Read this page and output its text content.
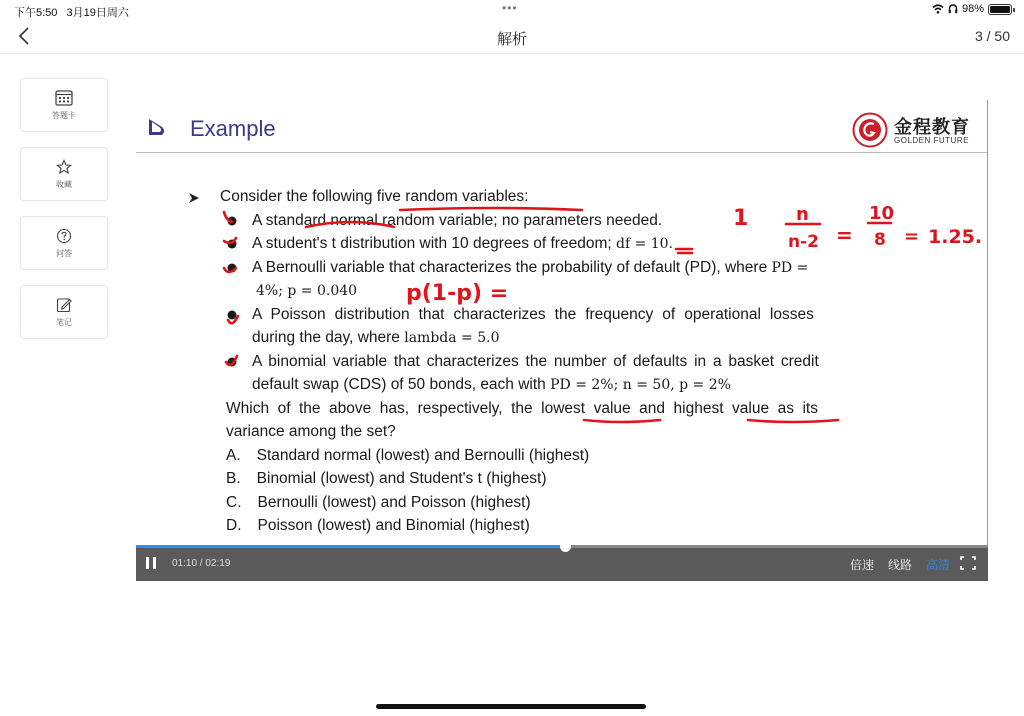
下午5:50 3月19日周六	•••	98%
解析	3 / 50
答题卡
收藏
问答
笔记
Example	金程教育
GOLDEN FUTURE
Consider the following five random variables:
A standard normal random variable; no parameters needed.
A student's t distribution with 10 degrees of freedom; df = 10.
A Bernoulli variable that characterizes the probability of default (PD), where PD =
4%; p = 0.040
A Poisson distribution that characterizes the frequency of operational losses
during the day, where lambda = 5.0
A binomial variable that characterizes the number of defaults in a basket credit
default swap (CDS) of 50 bonds, each with PD = 2%; n = 50, p = 2%
Which of the above has, respectively, the lowest value and highest value as its
variance among the set?
A. Standard normal (lowest) and Bernoulli (highest)
B. Binomial (lowest) and Student's t (highest)
C. Bernoulli (lowest) and Poisson (highest)
D. Poisson (lowest) and Binomial (highest)
1	n
n-2 =
10
8 = 1.25.
p(1-p) =
01:10 / 02:19	倍速 线路 高清
